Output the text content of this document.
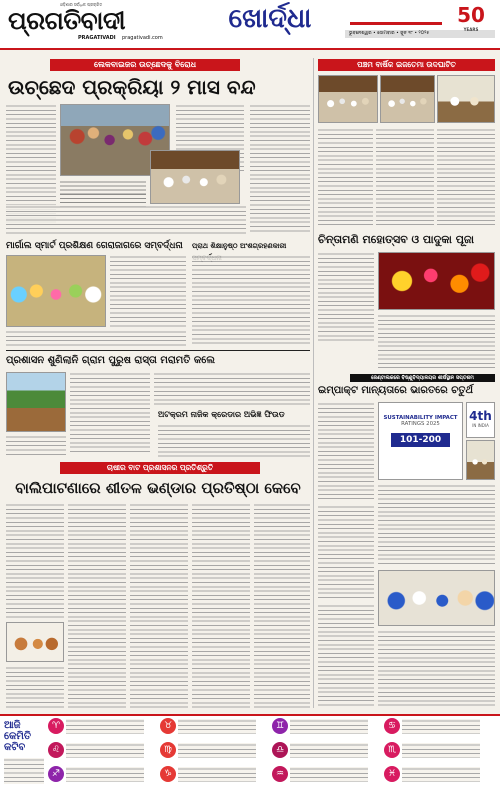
ଓଡ଼ିଶାର ସର୍ବାଧିକ ପ୍ରଚାରିତ
ପ୍ରଗତିବାଦୀ
PRAGATIVADI pragativadi.com
ଖୋର୍ଦ୍ଧା	ଭୁବନେଶ୍ୱର • ସୋମବାର • ଜୁନ ୧୮ • ୨୦୨୫
50
YEARS
ଲେକବାଇଜର ଉଚ୍ଛେଦକୁ ବିରୋଧ
ଉଚ୍ଛେଦ ପ୍ରକ୍ରିୟା ୨ ମାସ ବନ୍ଦ
ପଞ୍ଚମ ବାର୍ଷିକ ଇଜତେମା ଉଦଘାଟିତ
ଚିନ୍ତାମଣି ମହୋତ୍ସବ ଓ ପାଦୁକା ପୂଜା
ମାର୍ଗାଲ ସ୍ମାର୍ଟ ପ୍ରଶିକ୍ଷଣ ଗେରାଜାଗରେ ସମ୍ବର୍ଦ୍ଧନା	ପ୍ରାଥ ଶିକ୍ଷାନୁଷ୍ଠ ଅଂଶଗ୍ରହଣକାରୀ
ପ୍ରଶାସନ ଶୁଣିଲାନି ଗ୍ରାମ ପୁରୁଷ ରାସ୍ତା ମରାମତି କଲେ
ଅଟକ୍ରମ ନାଜିକ କ୍ରେଡାର ଅଭିଜ୍ଞ ଫିଉଡ
ଜେଣ୍ଟାଲକରେ ବିଷ୍ଣୁବିଦ୍ୟାଳୟର ଶୀର୍ଷସ୍ଥାନ ସପ୍ତଶମ
ଇମ୍ପାକ୍ଟ ମାନ୍ୟତାରେ ଭାରତରେ ଚତୁର୍ଥ
SUSTAINABILITY IMPACT
RATINGS 2025
101-200
4th
IN INDIA
ଚାଷୀର ବାଟ ପ୍ରଶାସନର ପ୍ରତିଶ୍ରୁତି
ବାଲିପାଟଣାରେ ଶୀତଳ ଭଣ୍ଡାର ପ୍ରତିଷ୍ଠା କେବେ
ଆଜି
କେମିତି
କଟିବ
♈	♉	♊	♋
♌	♍	♎	♏
♐	♑	♒	♓
